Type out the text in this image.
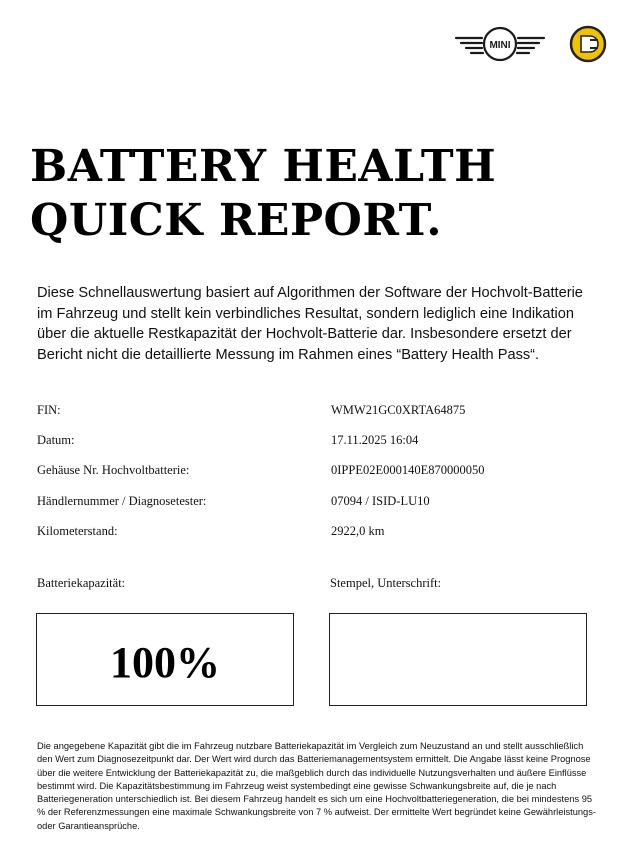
MINI
BATTERY HEALTH
QUICK REPORT.

Diese Schnellauswertung basiert auf Algorithmen der Software der Hochvolt-Batterie im Fahrzeug und stellt kein verbindliches Resultat, sondern lediglich eine Indikation über die aktuelle Restkapazität der Hochvolt-Batterie dar. Insbesondere ersetzt der Bericht nicht die detaillierte Messung im Rahmen eines “Battery Health Pass“.

FIN:	WMW21GC0XRTA64875
Datum:	17.11.2025 16:04
Gehäuse Nr. Hochvoltbatterie:	0IPPE02E000140E870000050
Händlernummer / Diagnosetester:	07094 / ISID-LU10
Kilometerstand:	2922,0 km
Batteriekapazität:	Stempel, Unterschrift:
100%

Die angegebene Kapazität gibt die im Fahrzeug nutzbare Batteriekapazität im Vergleich zum Neuzustand an und stellt ausschließlich den Wert zum Diagnosezeitpunkt dar. Der Wert wird durch das Batteriemanagementsystem ermittelt. Die Angabe lässt keine Prognose über die weitere Entwicklung der Batteriekapazität zu, die maßgeblich durch das individuelle Nutzungsverhalten und äußere Einflüsse bestimmt wird. Die Kapazitätsbestimmung im Fahrzeug weist systembedingt eine gewisse Schwankungsbreite auf, die je nach Batteriegeneration unterschiedlich ist. Bei diesem Fahrzeug handelt es sich um eine Hochvoltbatteriegeneration, die bei mindestens 95 % der Referenzmessungen eine maximale Schwankungsbreite von 7 % aufweist. Der ermittelte Wert begründet keine Gewährleistungs- oder Garantieansprüche.
